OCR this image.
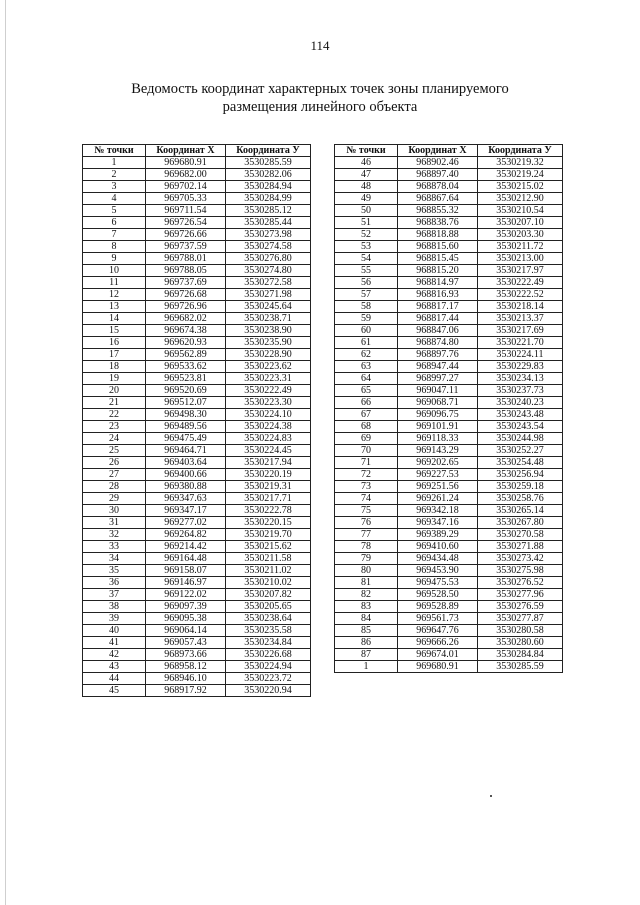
114
Ведомость координат характерных точек зоны планируемого
размещения линейного объекта
№ точки	Координат Х	Координата У
1	969680.91	3530285.59
2	969682.00	3530282.06
3	969702.14	3530284.94
4	969705.33	3530284.99
5	969711.54	3530285.12
6	969726.54	3530285.44
7	969726.66	3530273.98
8	969737.59	3530274.58
9	969788.01	3530276.80
10	969788.05	3530274.80
11	969737.69	3530272.58
12	969726.68	3530271.98
13	969726.96	3530245.64
14	969682.02	3530238.71
15	969674.38	3530238.90
16	969620.93	3530235.90
17	969562.89	3530228.90
18	969533.62	3530223.62
19	969523.81	3530223.31
20	969520.69	3530222.49
21	969512.07	3530223.30
22	969498.30	3530224.10
23	969489.56	3530224.38
24	969475.49	3530224.83
25	969464.71	3530224.45
26	969403.64	3530217.94
27	969400.66	3530220.19
28	969380.88	3530219.31
29	969347.63	3530217.71
30	969347.17	3530222.78
31	969277.02	3530220.15
32	969264.82	3530219.70
33	969214.42	3530215.62
34	969164.48	3530211.58
35	969158.07	3530211.02
36	969146.97	3530210.02
37	969122.02	3530207.82
38	969097.39	3530205.65
39	969095.38	3530238.64
40	969064.14	3530235.58
41	969057.43	3530234.84
42	968973.66	3530226.68
43	968958.12	3530224.94
44	968946.10	3530223.72
45	968917.92	3530220.94
№ точки	Координат Х	Координата У
46	968902.46	3530219.32
47	968897.40	3530219.24
48	968878.04	3530215.02
49	968867.64	3530212.90
50	968855.32	3530210.54
51	968838.76	3530207.10
52	968818.88	3530203.30
53	968815.60	3530211.72
54	968815.45	3530213.00
55	968815.20	3530217.97
56	968814.97	3530222.49
57	968816.93	3530222.52
58	968817.17	3530218.14
59	968817.44	3530213.37
60	968847.06	3530217.69
61	968874.80	3530221.70
62	968897.76	3530224.11
63	968947.44	3530229.83
64	968997.27	3530234.13
65	969047.11	3530237.73
66	969068.71	3530240.23
67	969096.75	3530243.48
68	969101.91	3530243.54
69	969118.33	3530244.98
70	969143.29	3530252.27
71	969202.65	3530254.48
72	969227.53	3530256.94
73	969251.56	3530259.18
74	969261.24	3530258.76
75	969342.18	3530265.14
76	969347.16	3530267.80
77	969389.29	3530270.58
78	969410.60	3530271.88
79	969434.48	3530273.42
80	969453.90	3530275.98
81	969475.53	3530276.52
82	969528.50	3530277.96
83	969528.89	3530276.59
84	969561.73	3530277.87
85	969647.76	3530280.58
86	969666.26	3530280.60
87	969674.01	3530284.84
1	969680.91	3530285.59
